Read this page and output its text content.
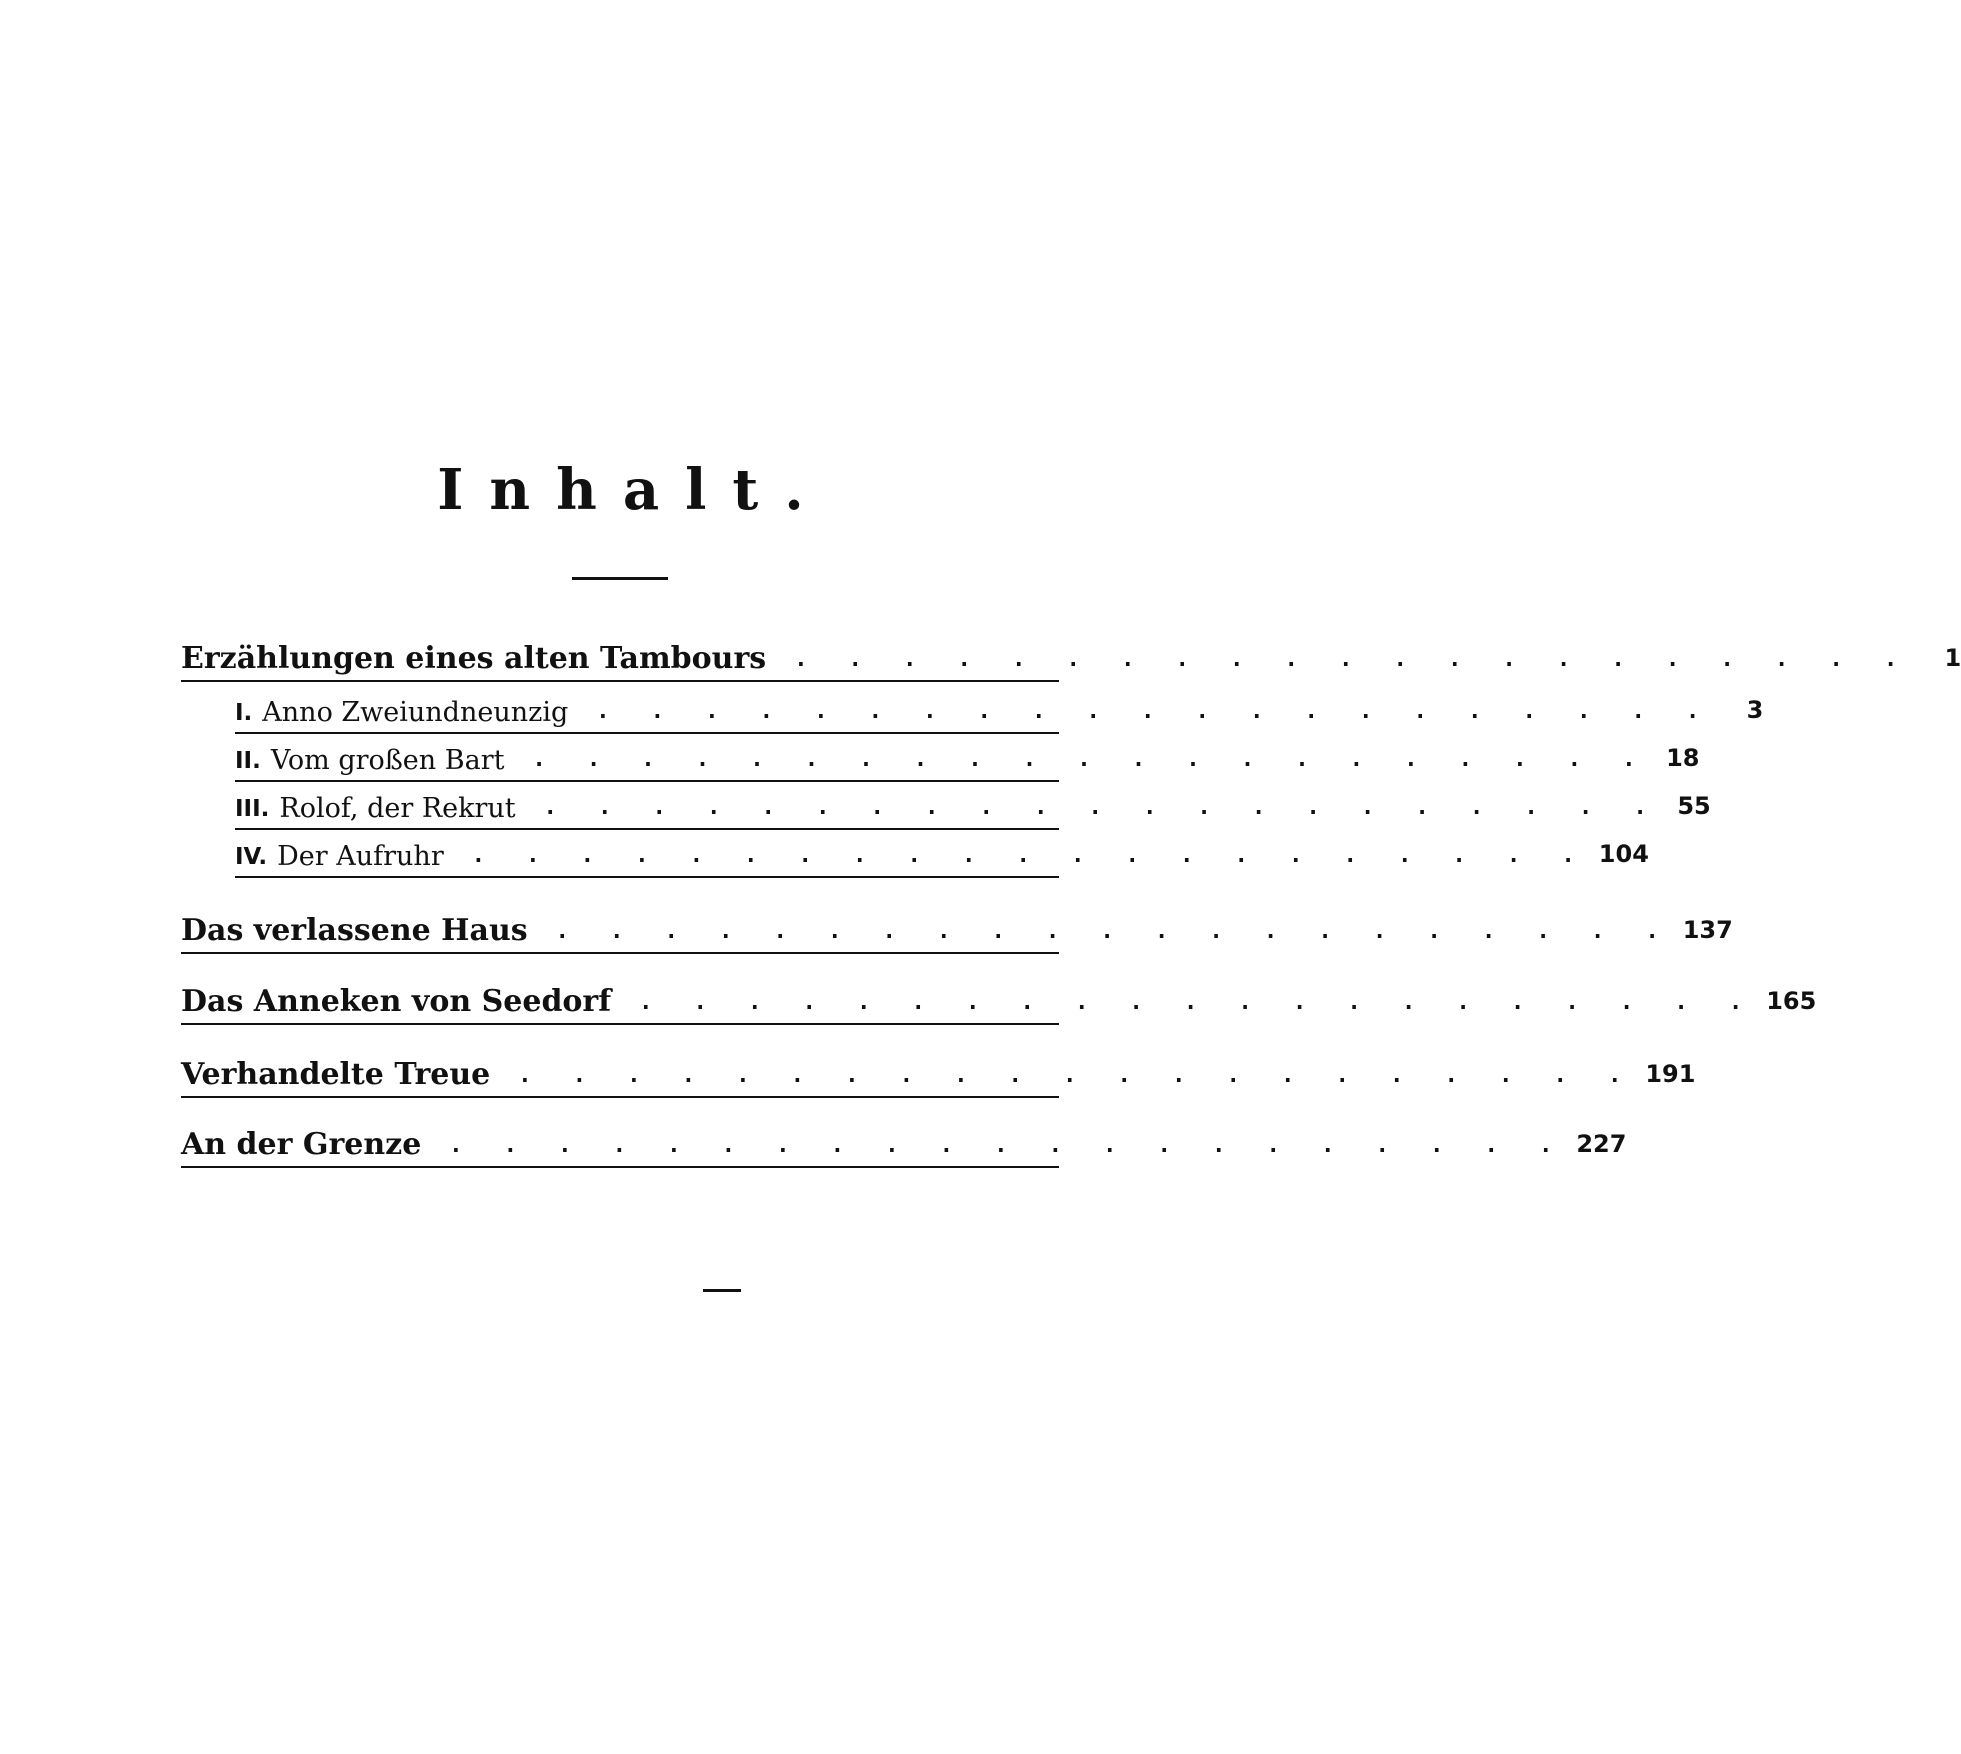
Inhalt.
Erzählungen eines alten Tambours	. . . . . . . . . . . . . . . . . . . . .	1
I. Anno Zweiundneunzig	. . . . . . . . . . . . . . . . . . . . .	3
II. Vom großen Bart	. . . . . . . . . . . . . . . . . . . . . 18
III. Rolof, der Rekrut	. . . . . . . . . . . . . . . . . . . . . 55
IV. Der Aufruhr	. . . . . . . . . . . . . . . . . . . . . 104
Das verlassene Haus	. . . . . . . . . . . . . . . . . . . . . 137
Das Anneken von Seedorf	. . . . . . . . . . . . . . . . . . . . . 165
Verhandelte Treue	. . . . . . . . . . . . . . . . . . . . . 191
An der Grenze	. . . . . . . . . . . . . . . . . . . . . 227
